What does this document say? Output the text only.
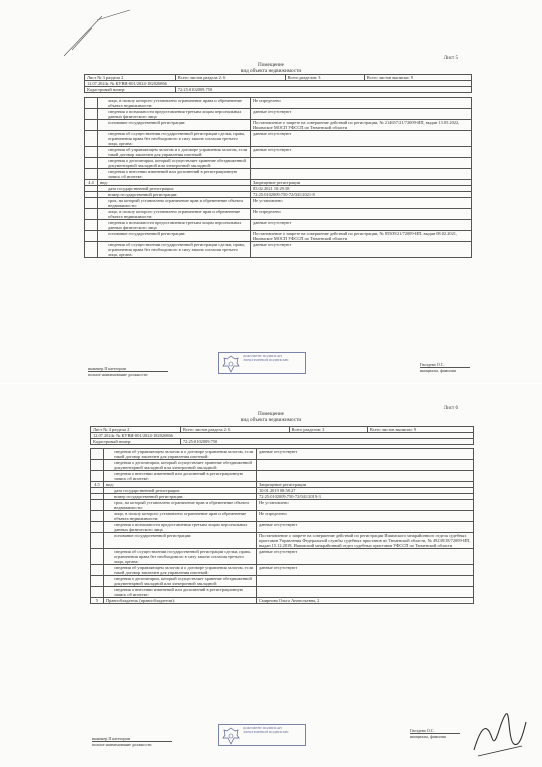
Лист 5
Помещение
вид объекта недвижимости
Лист № 3 раздела 2	Всего листов раздела 2: 6	Всего разделов: 3	Всего листов выписки: 9
12.07.2024г. № КУВИ-001/2024-182026866			
Кадастровый номер:	72:25:0102009:750		
	лицо, в пользу которого установлено ограничение права и обременение объекта недвижимости:	Не определено
	сведения о возможности предоставления третьим лицам персональных данных физического лица	данные отсутствуют
	основание государственной регистрации:	Постановление о запрете на совершение действий по регистрации, № 214657/21/72009-ИП, выдан 13.05.2022, Ишимское МОСП УФССП по Тюменской области
	сведения об осуществлении государственной регистрации сделки, права, ограничения права без необходимого в силу закона согласия третьего лица, органа:	данные отсутствуют
	сведения об управляющем залогом и о договоре управления залогом, если такой договор заключен для управления ипотекой:	данные отсутствуют
	сведения о депозитарии, который осуществляет хранение обездвиженной документарной закладной или электронной закладной:	
	сведения о внесении изменений или дополнений в регистрационную запись об ипотеке:	
4.4	вид:	Запрещение регистрации
	дата государственной регистрации:	05.02.2021 10:29:58
	номер государственной регистрации:	72:25:0102009:750-72/041/2021-8
	срок, на который установлено ограничение прав и обременение объекта недвижимости:	Не установлено
	лицо, в пользу которого установлено ограничение прав и обременение объекта недвижимости:	Не определено
	сведения о возможности предоставления третьим лицам персональных данных физического лица	данные отсутствуют
	основание государственной регистрации:	Постановление о запрете на совершение действий по регистрации, № 85509/21/72009-ИП, выдан 08.02.2021, Ишимское МОСП УФССП по Тюменской области
	сведения об осуществлении государственной регистрации сделки, права, ограничения права без необходимого в силу закона согласия третьего лица, органа:	данные отсутствуют
ДОКУМЕНТ ПОДПИСАН
ЭЛЕКТРОННОЙ ПОДПИСЬЮ
инженер II категории
полное наименование должности
Гвоздева О.С.
инициалы, фамилия
Лист 6
Помещение
вид объекта недвижимости
Лист № 4 раздела 2	Всего листов раздела 2: 6	Всего разделов: 3	Всего листов выписки: 9
12.07.2024г. № КУВИ-001/2024-182026866			
Кадастровый номер:	72:25:0102009:750		
	сведения об управляющем залогом и о договоре управления залогом, если такой договор заключен для управления ипотекой:	данные отсутствуют
	сведения о депозитарии, который осуществляет хранение обездвиженной документарной закладной или электронной закладной:	
	сведения о внесении изменений или дополнений в регистрационную запись об ипотеке:	
4.5	вид:	Запрещение регистрации
	дата государственной регистрации:	10.01.2019 08:58:27
	номер государственной регистрации:	72:25:0102009:750-72/041/2019-3
	срок, на который установлено ограничение прав и обременение объекта недвижимости:	Не установлено
	лицо, в пользу которого установлено ограничение прав и обременение объекта недвижимости:	Не определено
	сведения о возможности предоставления третьим лицам персональных данных физического лица	данные отсутствуют
	основание государственной регистрации:	Постановление о запрете на совершение действий по регистрации Ишимского межрайонного отдела судебных приставов Управления Федеральной службы судебных приставов по Тюменской области, № 49238/18/72009-ИП, выдан 15.12.2018, Ишимский межрайонный отдел судебных приставов УФССП по Тюменской области
	сведения об осуществлении государственной регистрации сделки, права, ограничения права без необходимого в силу закона согласия третьего лица, органа:	данные отсутствуют
	сведения об управляющем залогом и о договоре управления залогом, если такой договор заключен для управления ипотекой:	данные отсутствуют
	сведения о депозитарии, который осуществляет хранение обездвиженной документарной закладной или электронной закладной:	
	сведения о внесении изменений или дополнений в регистрационную запись об ипотеке:	
5	Правообладатель (правообладатели):	Смирнова Ольга Анатольевна, 2
ДОКУМЕНТ ПОДПИСАН
ЭЛЕКТРОННОЙ ПОДПИСЬЮ
инженер II категории
полное наименование должности
Гвоздева О.С.
инициалы, фамилия
